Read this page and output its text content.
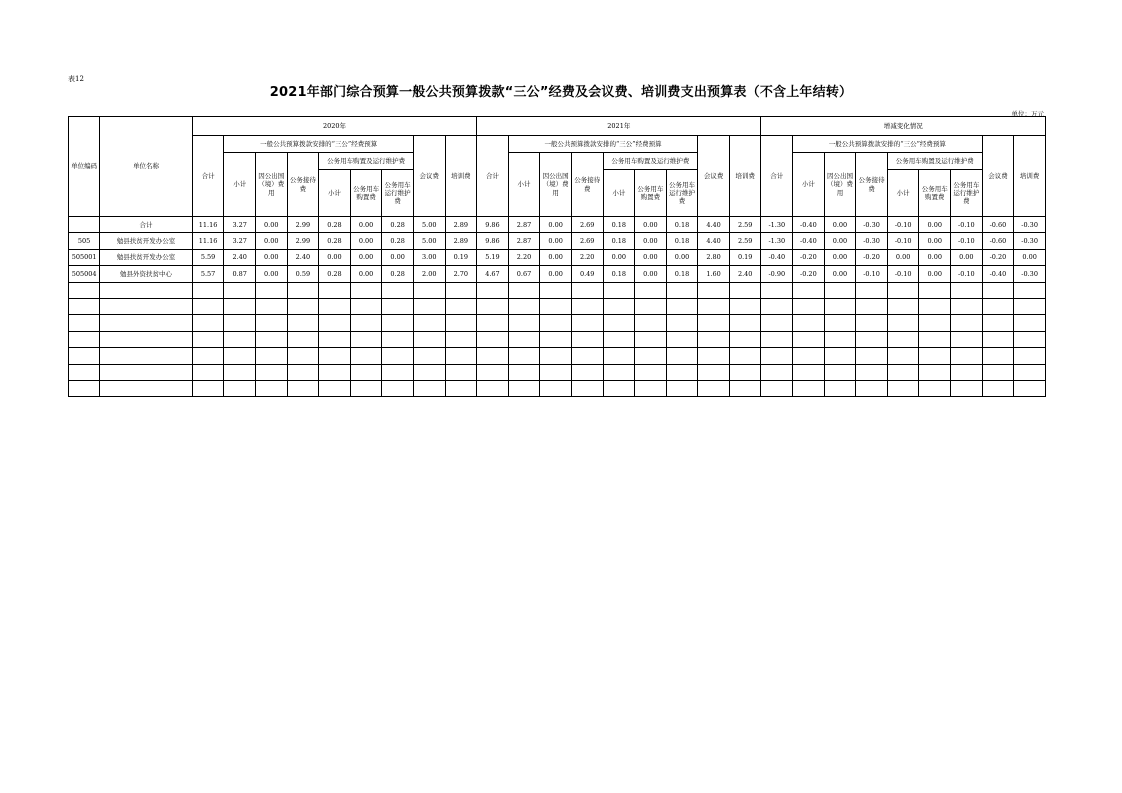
表12
2021年部门综合预算一般公共预算拨款“三公”经费及会议费、培训费支出预算表（不含上年结转）
单位：万元
单位编码	单位名称	2020年									2021年									增减变化情况								
		合计	一般公共预算拨款安排的“三公”经费预算						会议费	培训费	合计	一般公共预算拨款安排的“三公”经费预算						会议费	培训费	合计	一般公共预算拨款安排的“三公”经费预算						会议费	培训费
			小计	因公出国（境）费用	公务接待费	公务用车购置及运行维护费						小计	因公出国（境）费用	公务接待费	公务用车购置及运行维护费						小计	因公出国（境）费用	公务接待费	公务用车购置及运行维护费				
						小计	公务用车购置费	公务用车运行维护费							小计	公务用车购置费	公务用车运行维护费							小计	公务用车购置费	公务用车运行维护费		
	合计	11.16	3.27	0.00	2.99	0.28	0.00	0.28	5.00	2.89	9.86	2.87	0.00	2.69	0.18	0.00	0.18	4.40	2.59	-1.30	-0.40	0.00	-0.30	-0.10	0.00	-0.10	-0.60	-0.30
505	勉县扶贫开发办公室	11.16	3.27	0.00	2.99	0.28	0.00	0.28	5.00	2.89	9.86	2.87	0.00	2.69	0.18	0.00	0.18	4.40	2.59	-1.30	-0.40	0.00	-0.30	-0.10	0.00	-0.10	-0.60	-0.30
505001	勉县扶贫开发办公室	5.59	2.40	0.00	2.40	0.00	0.00	0.00	3.00	0.19	5.19	2.20	0.00	2.20	0.00	0.00	0.00	2.80	0.19	-0.40	-0.20	0.00	-0.20	0.00	0.00	0.00	-0.20	0.00
505004	勉县外资扶贫中心	5.57	0.87	0.00	0.59	0.28	0.00	0.28	2.00	2.70	4.67	0.67	0.00	0.49	0.18	0.00	0.18	1.60	2.40	-0.90	-0.20	0.00	-0.10	-0.10	0.00	-0.10	-0.40	-0.30
